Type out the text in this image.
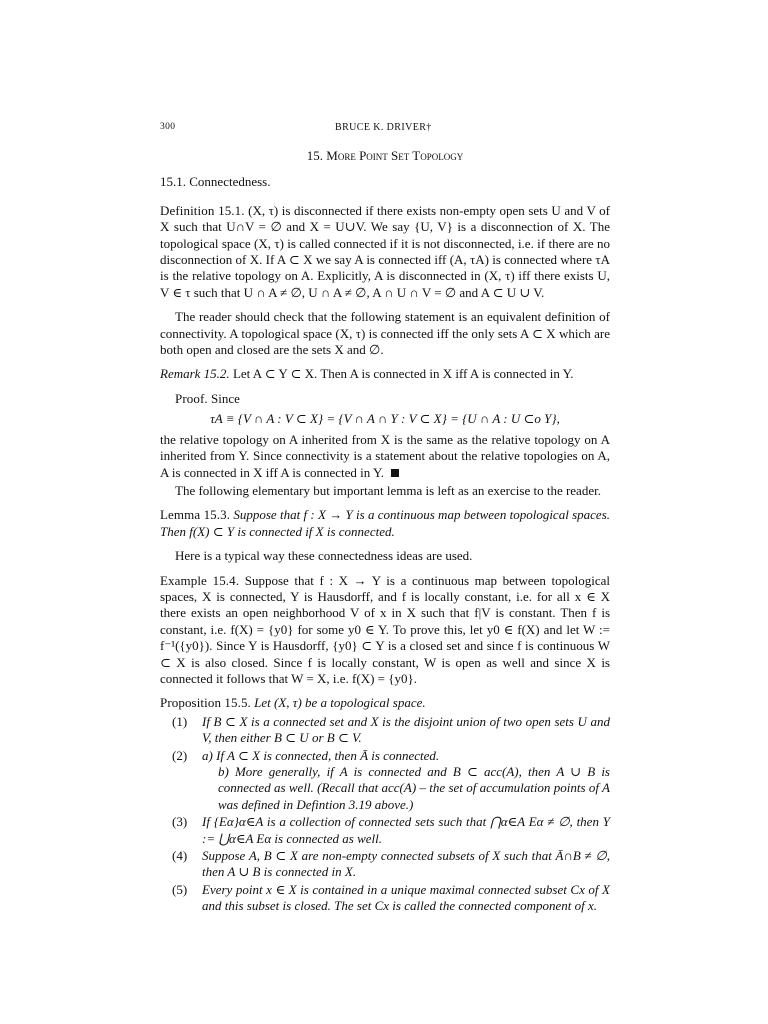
300	BRUCE K. DRIVER†
15. More Point Set Topology
15.1. Connectedness.

Definition 15.1. (X, τ) is disconnected if there exists non-empty open sets U and V of X such that U∩V = ∅ and X = U∪V. We say {U, V} is a disconnection of X. The topological space (X, τ) is called connected if it is not disconnected, i.e. if there are no disconnection of X. If A ⊂ X we say A is connected iff (A, τA) is connected where τA is the relative topology on A. Explicitly, A is disconnected in (X, τ) iff there exists U, V ∈ τ such that U ∩ A ≠ ∅, U ∩ A ≠ ∅, A ∩ U ∩ V = ∅ and A ⊂ U ∪ V.

The reader should check that the following statement is an equivalent definition of connectivity. A topological space (X, τ) is connected iff the only sets A ⊂ X which are both open and closed are the sets X and ∅.

Remark 15.2. Let A ⊂ Y ⊂ X. Then A is connected in X iff A is connected in Y.

Proof. Since
τA ≡ {V ∩ A : V ⊂ X} = {V ∩ A ∩ Y : V ⊂ X} = {U ∩ A : U ⊂o Y},

the relative topology on A inherited from X is the same as the relative topology on A inherited from Y. Since connectivity is a statement about the relative topologies on A, A is connected in X iff A is connected in Y.

The following elementary but important lemma is left as an exercise to the reader.

Lemma 15.3. Suppose that f : X → Y is a continuous map between topological spaces. Then f(X) ⊂ Y is connected if X is connected.

Here is a typical way these connectedness ideas are used.

Example 15.4. Suppose that f : X → Y is a continuous map between topological spaces, X is connected, Y is Hausdorff, and f is locally constant, i.e. for all x ∈ X there exists an open neighborhood V of x in X such that f|V is constant. Then f is constant, i.e. f(X) = {y0} for some y0 ∈ Y. To prove this, let y0 ∈ f(X) and let W := f⁻¹({y0}). Since Y is Hausdorff, {y0} ⊂ Y is a closed set and since f is continuous W ⊂ X is also closed. Since f is locally constant, W is open as well and since X is connected it follows that W = X, i.e. f(X) = {y0}.

Proposition 15.5. Let (X, τ) be a topological space.
(1) If B ⊂ X is a connected set and X is the disjoint union of two open sets U and V, then either B ⊂ U or B ⊂ V.
(2) a) If A ⊂ X is connected, then Ā is connected.
b) More generally, if A is connected and B ⊂ acc(A), then A ∪ B is connected as well. (Recall that acc(A) – the set of accumulation points of A was defined in Defintion 3.19 above.)
(3) If {Eα}α∈A is a collection of connected sets such that ⋂α∈A Eα ≠ ∅, then Y := ⋃α∈A Eα is connected as well.
(4) Suppose A, B ⊂ X are non-empty connected subsets of X such that Ā∩B ≠ ∅, then A ∪ B is connected in X.
(5) Every point x ∈ X is contained in a unique maximal connected subset Cx of X and this subset is closed. The set Cx is called the connected component of x.
